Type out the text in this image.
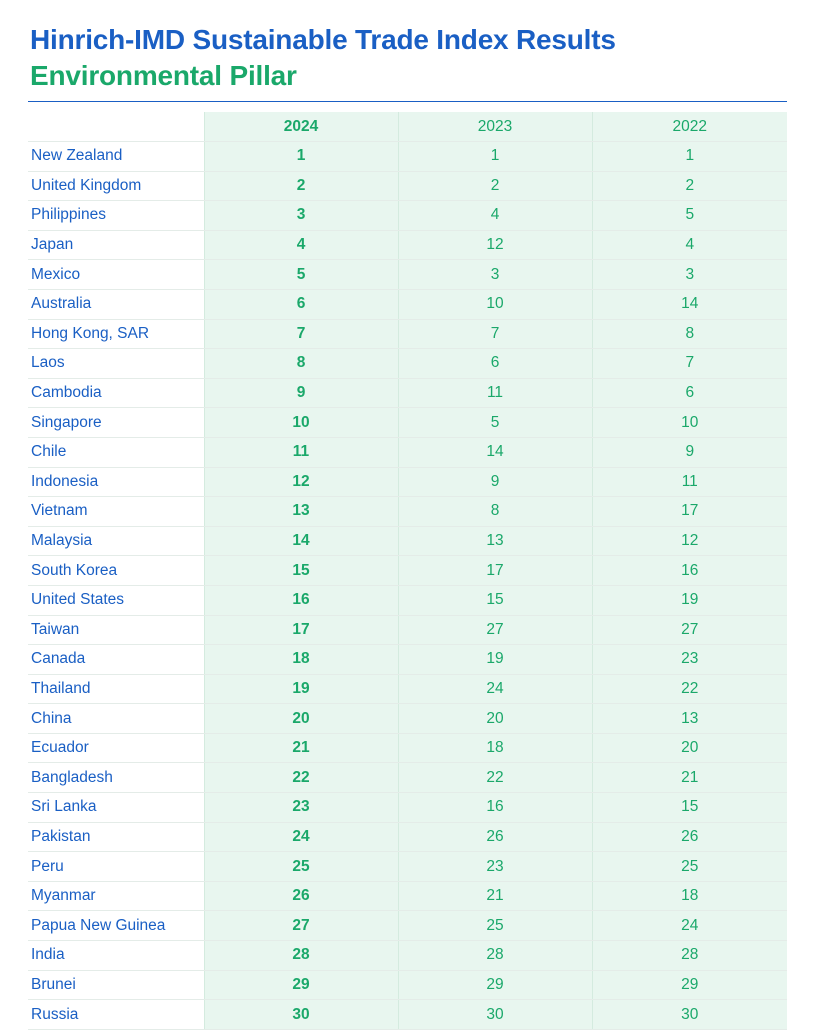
Hinrich-IMD Sustainable Trade Index Results
Environmental Pillar
	2024	2023	2022
New Zealand	1	1	1
United Kingdom	2	2	2
Philippines	3	4	5
Japan	4	12	4
Mexico	5	3	3
Australia	6	10	14
Hong Kong, SAR	7	7	8
Laos	8	6	7
Cambodia	9	11	6
Singapore	10	5	10
Chile	11	14	9
Indonesia	12	9	11
Vietnam	13	8	17
Malaysia	14	13	12
South Korea	15	17	16
United States	16	15	19
Taiwan	17	27	27
Canada	18	19	23
Thailand	19	24	22
China	20	20	13
Ecuador	21	18	20
Bangladesh	22	22	21
Sri Lanka	23	16	15
Pakistan	24	26	26
Peru	25	23	25
Myanmar	26	21	18
Papua New Guinea	27	25	24
India	28	28	28
Brunei	29	29	29
Russia	30	30	30
